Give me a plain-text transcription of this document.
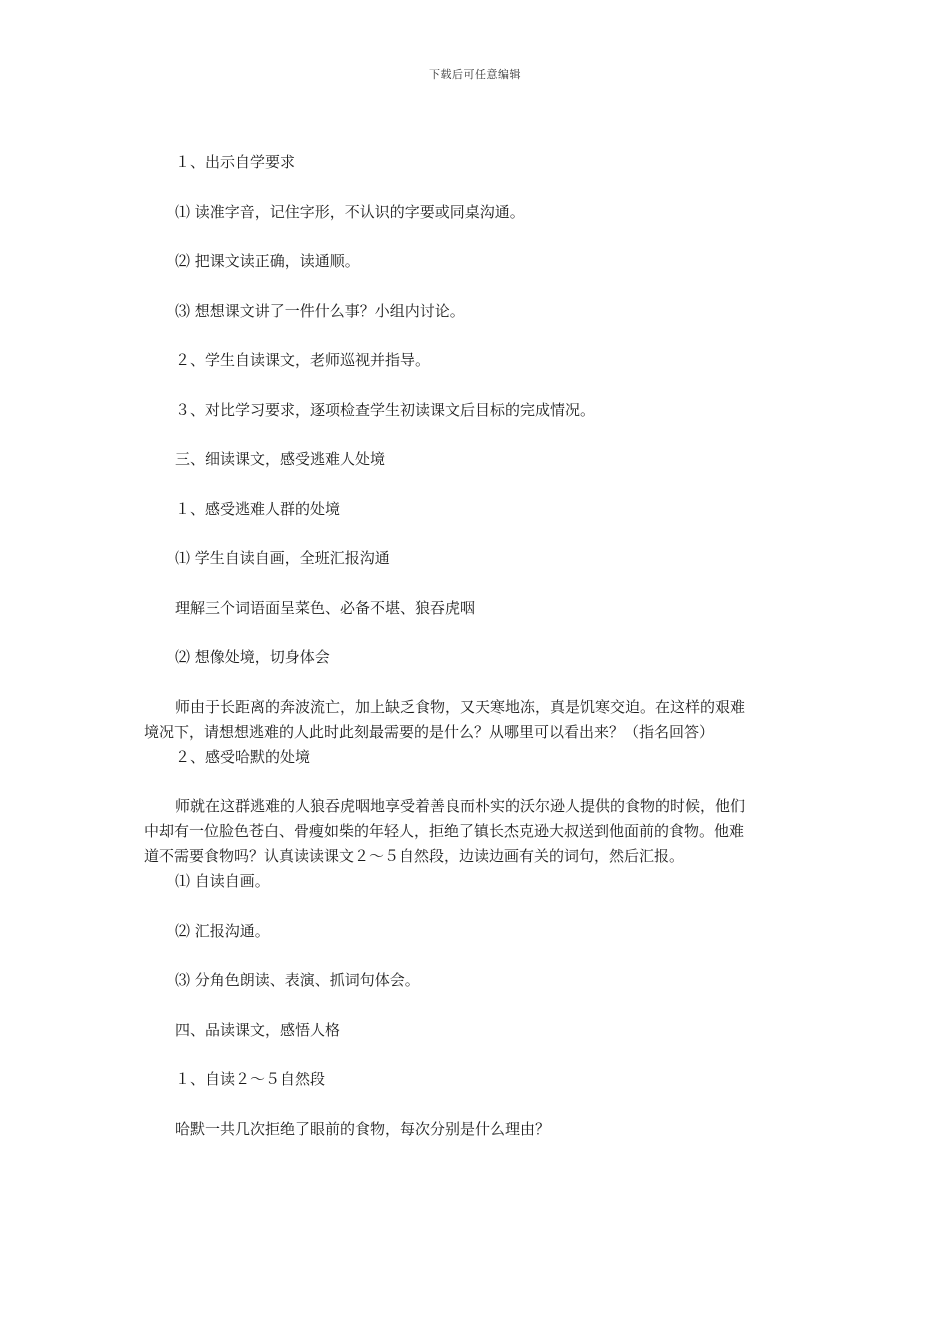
下载后可任意编辑

１、出示自学要求

⑴ 读准字音，记住字形，不认识的字要或同桌沟通。

⑵ 把课文读正确，读通顺。

⑶ 想想课文讲了一件什么事？小组内讨论。

２、学生自读课文，老师巡视并指导。

３、对比学习要求，逐项检查学生初读课文后目标的完成情况。

三、细读课文，感受逃难人处境

１、感受逃难人群的处境

⑴ 学生自读自画，全班汇报沟通

理解三个词语面呈菜色、必备不堪、狼吞虎咽

⑵ 想像处境，切身体会

师由于长距离的奔波流亡，加上缺乏食物，又天寒地冻，真是饥寒交迫。在这样的艰难
境况下，请想想逃难的人此时此刻最需要的是什么？从哪里可以看出来？（指名回答）

２、感受哈默的处境

师就在这群逃难的人狼吞虎咽地享受着善良而朴实的沃尔逊人提供的食物的时候，他们
中却有一位脸色苍白、骨瘦如柴的年轻人，拒绝了镇长杰克逊大叔送到他面前的食物。他难
道不需要食物吗？认真读读课文２～５自然段，边读边画有关的词句，然后汇报。

⑴ 自读自画。

⑵ 汇报沟通。

⑶ 分角色朗读、表演、抓词句体会。

四、品读课文，感悟人格

１、自读２～５自然段

哈默一共几次拒绝了眼前的食物，每次分别是什么理由？
